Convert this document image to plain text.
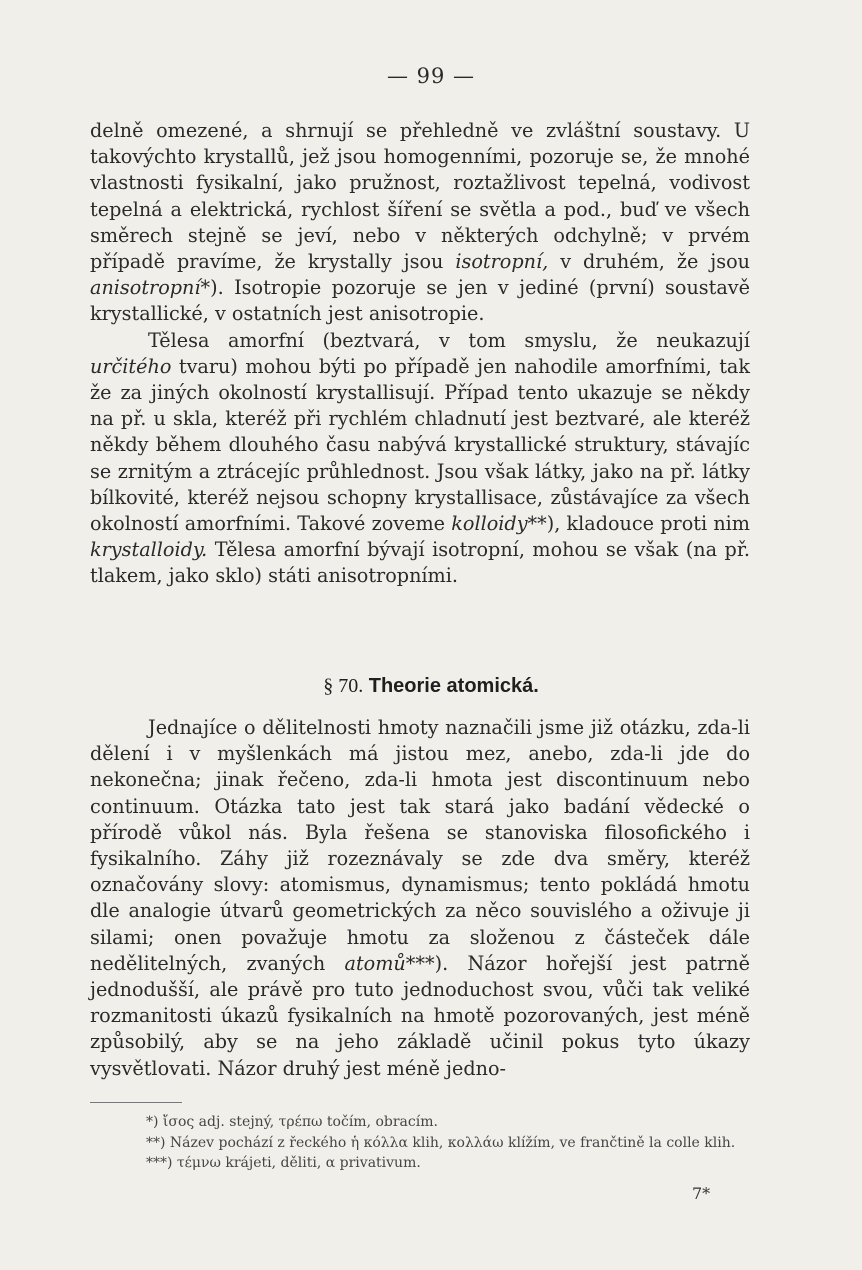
— 99 —

delně omezené, a shrnují se přehledně ve zvláštní soustavy. U takovýchto krystallů, jež jsou homogenními, pozoruje se, že mnohé vlastnosti fysikalní, jako pružnost, roztažlivost tepelná, vodivost tepelná a elektrická, rychlost šíření se světla a pod., buď ve všech směrech stejně se jeví, nebo v některých odchylně; v prvém případě pravíme, že krystally jsou isotropní, v druhém, že jsou anisotropní*). Isotropie pozoruje se jen v jediné (první) soustavě krystallické, v ostatních jest anisotropie.

Tělesa amorfní (beztvará, v tom smyslu, že neukazují určitého tvaru) mohou býti po případě jen nahodile amorfními, tak že za jiných okolností krystallisují. Případ tento ukazuje se někdy na př. u skla, kteréž při rychlém chladnutí jest beztvaré, ale kteréž někdy během dlouhého času nabývá krystallické struktury, stávajíc se zrnitým a ztrácejíc průhlednost. Jsou však látky, jako na př. látky bílkovité, kteréž nejsou schopny krystallisace, zůstávajíce za všech okolností amorfními. Takové zoveme kolloidy**), kladouce proti nim krystalloidy. Tělesa amorfní bývají isotropní, mohou se však (na př. tlakem, jako sklo) státi anisotropními.

§ 70. Theorie atomická.

Jednajíce o dělitelnosti hmoty naznačili jsme již otázku, zda-li dělení i v myšlenkách má jistou mez, anebo, zda-li jde do nekonečna; jinak řečeno, zda-li hmota jest discontinuum nebo continuum. Otázka tato jest tak stará jako badání vědecké o přírodě vůkol nás. Byla řešena se stanoviska filosofického i fysikalního. Záhy již rozeznávaly se zde dva směry, kteréž označovány slovy: atomismus, dynamismus; tento pokládá hmotu dle analogie útvarů geometrických za něco souvislého a oživuje ji silami; onen považuje hmotu za složenou z částeček dále nedělitelných, zvaných atomů***). Názor hořejší jest patrně jednodušší, ale právě pro tuto jednoduchost svou, vůči tak veliké rozmanitosti úkazů fysikalních na hmotě pozorovaných, jest méně způsobilý, aby se na jeho základě učinil pokus tyto úkazy vysvětlovati. Názor druhý jest méně jedno-

*) ἴσος adj. stejný, τρέπω točím, obracím.

**) Název pochází z řeckého ἡ κόλλα klih, κολλάω klížím, ve frančtině la colle klih.

***) τέμνω krájeti, děliti, α privativum.

7*
